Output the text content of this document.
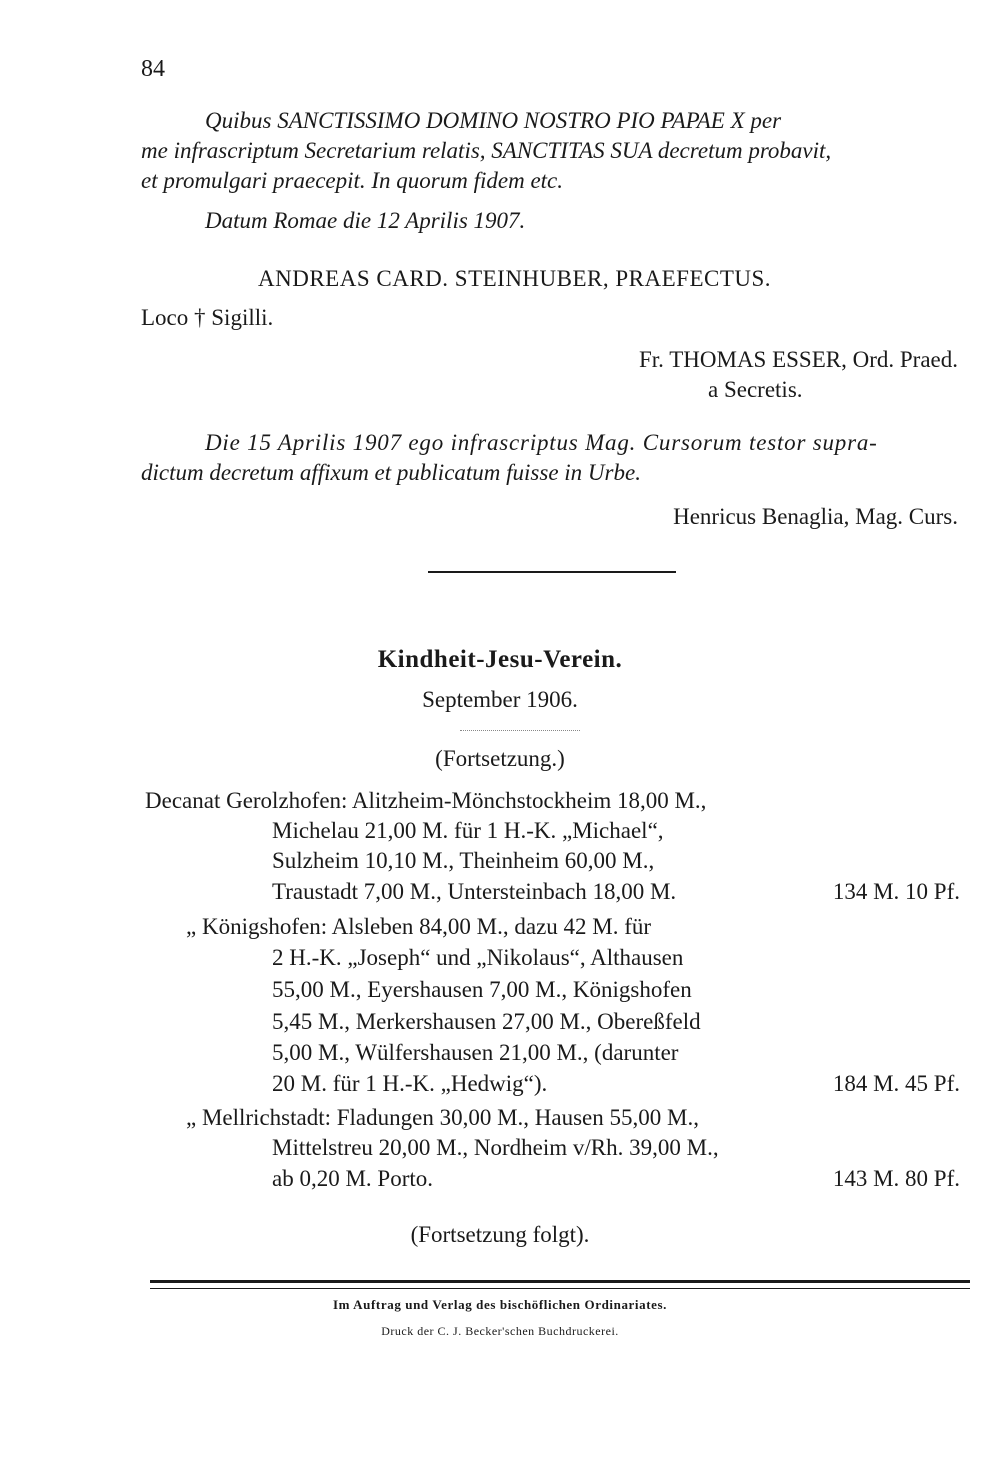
84
Quibus SANCTISSIMO DOMINO NOSTRO PIO PAPAE X per
me infrascriptum Secretarium relatis, SANCTITAS SUA decretum probavit,
et promulgari praecepit. In quorum fidem etc.
Datum Romae die 12 Aprilis 1907.
ANDREAS CARD. STEINHUBER, PRAEFECTUS.
Loco † Sigilli.
Fr. THOMAS ESSER, Ord. Praed.
a Secretis.
Die 15 Aprilis 1907 ego infrascriptus Mag. Cursorum testor supra-
dictum decretum affixum et publicatum fuisse in Urbe.
Henricus Benaglia, Mag. Curs.
Kindheit-Jesu-Verein.
September 1906.
(Fortsetzung.)
Decanat Gerolzhofen: Alitzheim-Mönchstockheim 18,00 M.,
Michelau 21,00 M. für 1 H.-K. „Michael“,
Sulzheim 10,10 M., Theinheim 60,00 M.,
Traustadt 7,00 M., Untersteinbach 18,00 M.	134 M. 10 Pf.
„ Königshofen: Alsleben 84,00 M., dazu 42 M. für
2 H.-K. „Joseph“ und „Nikolaus“, Althausen
55,00 M., Eyershausen 7,00 M., Königshofen
5,45 M., Merkershausen 27,00 M., Obereßfeld
5,00 M., Wülfershausen 21,00 M., (darunter
20 M. für 1 H.-K. „Hedwig“).	184 M. 45 Pf.
„ Mellrichstadt: Fladungen 30,00 M., Hausen 55,00 M.,
Mittelstreu 20,00 M., Nordheim v/Rh. 39,00 M.,
ab 0,20 M. Porto.	143 M. 80 Pf.
(Fortsetzung folgt).
Im Auftrag und Verlag des bischöflichen Ordinariates.
Druck der C. J. Becker'schen Buchdruckerei.
